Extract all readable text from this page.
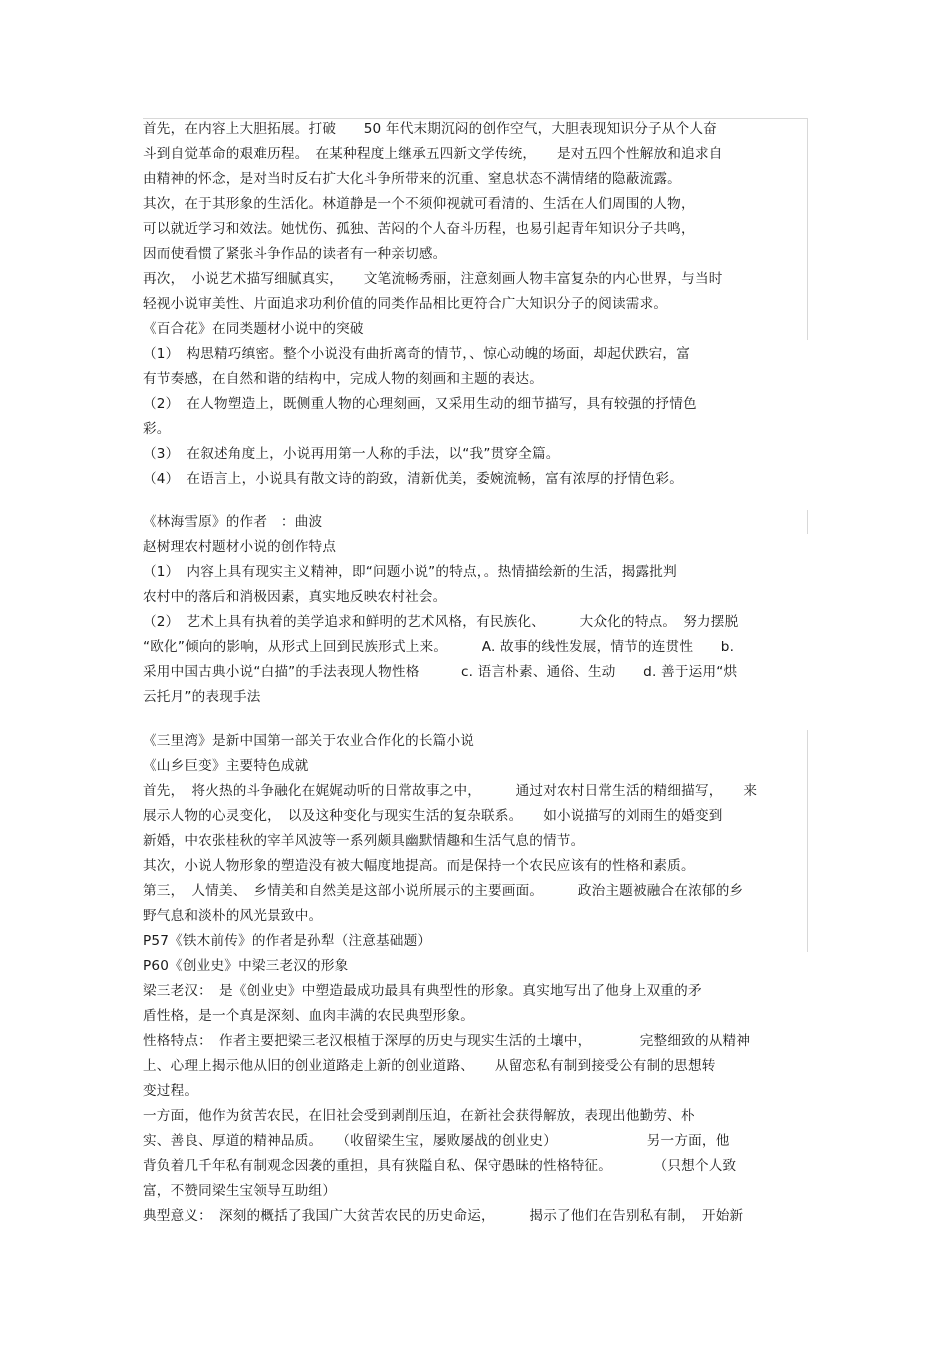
首先，在内容上大胆拓展。打破　　50 年代末期沉闷的创作空气，大胆表现知识分子从个人奋
斗到自觉革命的艰难历程。　在某种程度上继承五四新文学传统，　　是对五四个性解放和追求自
由精神的怀念，是对当时反右扩大化斗争所带来的沉重、窒息状态不满情绪的隐蔽流露。
其次，在于其形象的生活化。林道静是一个不须仰视就可看清的、生活在人们周围的人物，
可以就近学习和效法。她忧伤、孤独、苦闷的个人奋斗历程，也易引起青年知识分子共鸣，
因而使看惯了紧张斗争作品的读者有一种亲切感。
再次，　小说艺术描写细腻真实，　　文笔流畅秀丽，注意刻画人物丰富复杂的内心世界，与当时
轻视小说审美性、片面追求功利价值的同类作品相比更符合广大知识分子的阅读需求。
《百合花》在同类题材小说中的突破
（1）　构思精巧缜密。整个小说没有曲折离奇的情节，、惊心动魄的场面，却起伏跌宕，富
有节奏感，在自然和谐的结构中，完成人物的刻画和主题的表达。
（2）　在人物塑造上，既侧重人物的心理刻画，又采用生动的细节描写，具有较强的抒情色
彩。
（3）　在叙述角度上，小说再用第一人称的手法，以“我”贯穿全篇。
（4）　在语言上，小说具有散文诗的韵致，清新优美，委婉流畅，富有浓厚的抒情色彩。
《林海雪原》的作者　：曲波
赵树理农村题材小说的创作特点
（1）　内容上具有现实主义精神，即“问题小说”的特点，。热情描绘新的生活，揭露批判
农村中的落后和消极因素，真实地反映农村社会。
（2）　艺术上具有执着的美学追求和鲜明的艺术风格，有民族化、　　　大众化的特点。　努力摆脱
“欧化”倾向的影响，从形式上回到民族形式上来。　　　A. 故事的线性发展，情节的连贯性　　b.
采用中国古典小说“白描”的手法表现人物性格　　　c. 语言朴素、通俗、生动　　d. 善于运用“烘
云托月”的表现手法
《三里湾》是新中国第一部关于农业合作化的长篇小说
《山乡巨变》主要特色成就
首先，　将火热的斗争融化在娓娓动听的日常故事之中，　　　通过对农村日常生活的精细描写，　　来
展示人物的心灵变化，　以及这种变化与现实生活的复杂联系。　　如小说描写的刘雨生的婚变到
新婚，中农张桂秋的宰羊风波等一系列颇具幽默情趣和生活气息的情节。
其次，小说人物形象的塑造没有被大幅度地提高。而是保持一个农民应该有的性格和素质。
第三，　人情美、　乡情美和自然美是这部小说所展示的主要画面。　　　政治主题被融合在浓郁的乡
野气息和淡朴的风光景致中。
P57《铁木前传》的作者是孙犁（注意基础题）
P60《创业史》中梁三老汉的形象
梁三老汉：　是《创业史》中塑造最成功最具有典型性的形象。真实地写出了他身上双重的矛
盾性格，是一个真是深刻、血肉丰满的农民典型形象。
性格特点：　作者主要把梁三老汉根植于深厚的历史与现实生活的土壤中，　　　　完整细致的从精神
上、心理上揭示他从旧的创业道路走上新的创业道路、　　从留恋私有制到接受公有制的思想转
变过程。
一方面，他作为贫苦农民，在旧社会受到剥削压迫，在新社会获得解放，表现出他勤劳、朴
实、善良、厚道的精神品质。　　（收留梁生宝，屡败屡战的创业史）　　　　　　　另一方面，他
背负着几千年私有制观念因袭的重担，具有狭隘自私、保守愚昧的性格特征。　　　　（只想个人致
富，不赞同梁生宝领导互助组）
典型意义：　深刻的概括了我国广大贫苦农民的历史命运，　　　揭示了他们在告别私有制，　开始新
